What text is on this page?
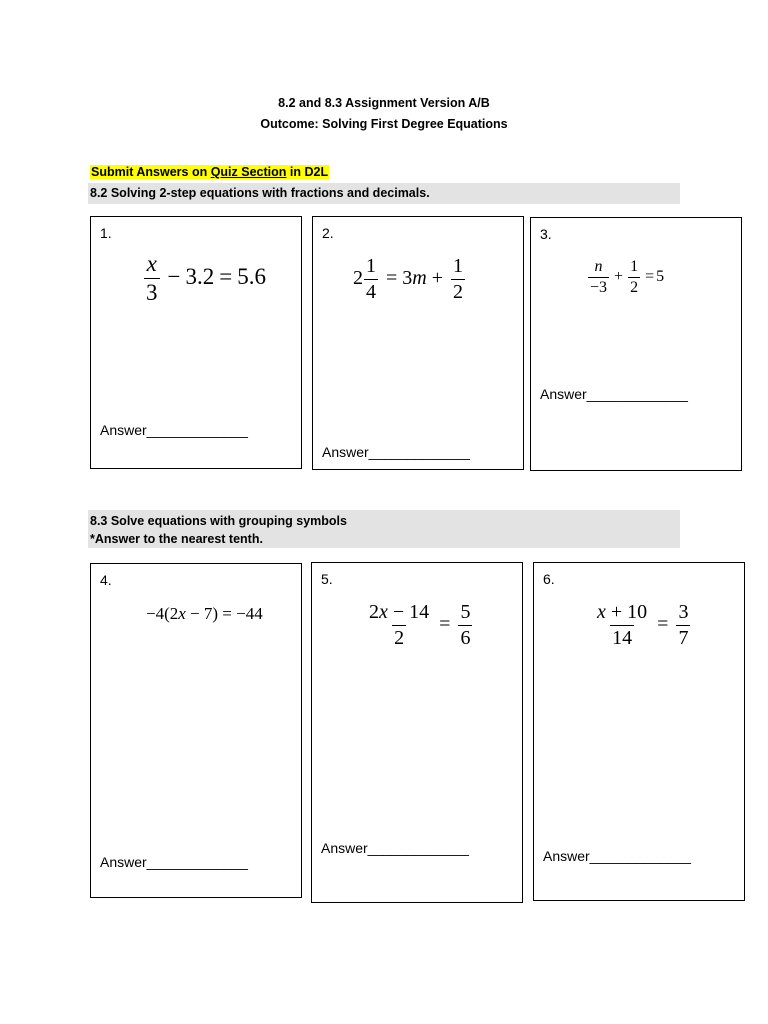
8.2 and 8.3 Assignment Version A/B
Outcome: Solving First Degree Equations
Submit Answers on Quiz Section in D2L
8.2 Solving 2-step equations with fractions and decimals.
1.
$\frac{x}{3} - 3.2 = 5.6$
Answer_____________
2.
$2 \frac{1}{4} = 3m + \frac{1}{2}$
Answer_____________
3.
$\frac{n}{-3} + \frac{1}{2} = 5$
Answer_____________
8.3 Solve equations with grouping symbols
*Answer to the nearest tenth.
4.
−4(2x − 7) = −44
Answer_____________
5.
$\frac{2x - 14}{2} = \frac{5}{6}$
Answer_____________
6.
$\frac{x + 10}{14} = \frac{3}{7}$
Answer_____________
